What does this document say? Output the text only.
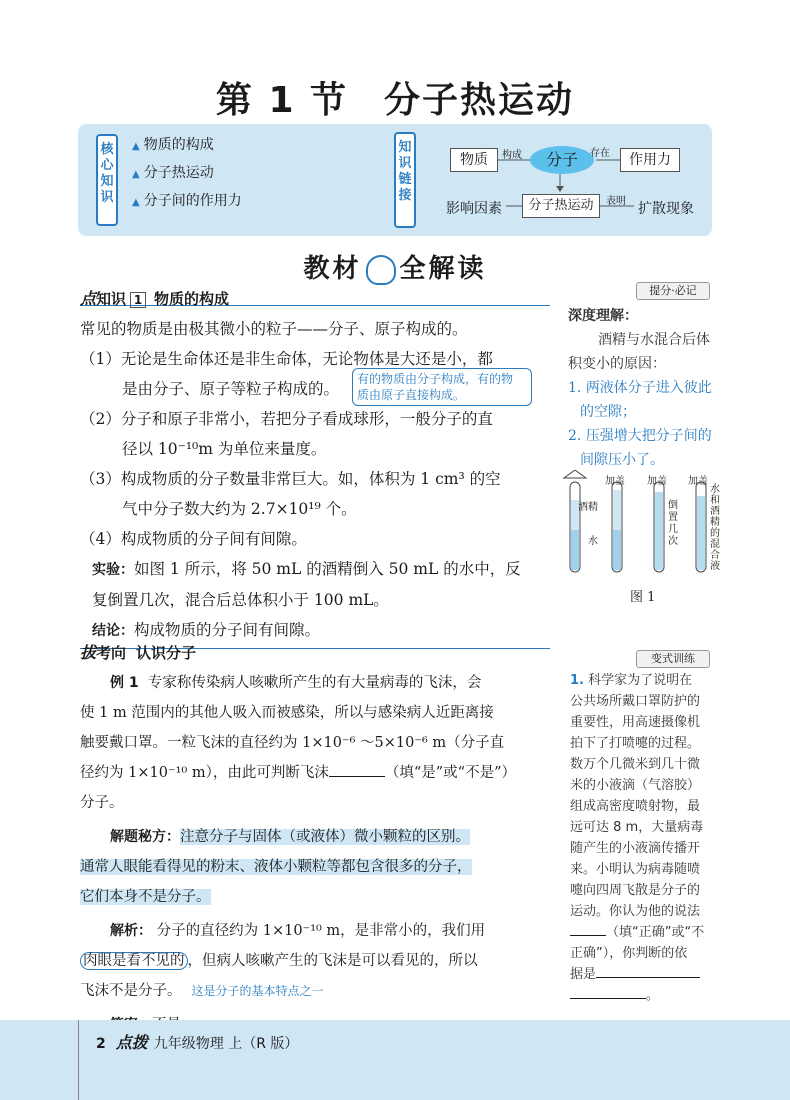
第 1 节 分子热运动
核心知识
▲ 物质的构成
▲ 分子热运动
▲ 分子间的作用力
知识链接
物质	构成	分子	存在	作用力
影响因素	分子热运动	表明 扩散现象
教材 全解读
点知识 1 物质的构成
常见的物质是由极其微小的粒子——分子、原子构成的。
（1）无论是生命体还是非生命体，无论物体是大还是小，都
是由分子、原子等粒子构成的。
（2）分子和原子非常小，若把分子看成球形，一般分子的直
径以 10⁻¹⁰m 为单位来量度。
（3）构成物质的分子数量非常巨大。如，体积为 1 cm³ 的空
气中分子数大约为 2.7×10¹⁹ 个。
（4）构成物质的分子间有间隙。
实验：如图 1 所示，将 50 mL 的酒精倒入 50 mL 的水中，反
复倒置几次，混合后总体积小于 100 mL。
结论：构成物质的分子间有间隙。
有的物质由分子构成，有的物
质由原子直接构成。
提分·必记
深度理解：
酒精与水混合后体
积变小的原因：
1. 两液体分子进入彼此
的空隙；
2. 压强增大把分子间的
间隙压小了。
酒精
水
加盖 加盖 加盖
倒置几次
水和酒精的混合液
图 1
拔考向 认识分子
例 1 专家称传染病人咳嗽所产生的有大量病毒的飞沫，会
使 1 m 范围内的其他人吸入而被感染，所以与感染病人近距离接
触要戴口罩。一粒飞沫的直径约为 1×10⁻⁶ ～5×10⁻⁶ m（分子直
径约为 1×10⁻¹⁰ m），由此可判断飞沫	（填“是”或“不是”）
分子。
解题秘方：注意分子与固体（或液体）微小颗粒的区别。
通常人眼能看得见的粉末、液体小颗粒等都包含很多的分子，
它们本身不是分子。
解析： 分子的直径约为 1×10⁻¹⁰ m，是非常小的，我们用
肉眼是看不见的 ，但病人咳嗽产生的飞沫是可以看见的，所以
飞沫不是分子。 这是分子的基本特点之一
变式训练
1. 科学家为了说明在
公共场所戴口罩防护的
重要性，用高速摄像机
拍下了打喷嚏的过程。
数万个几微米到几十微
米的小液滴（气溶胶）
组成高密度喷射物，最
远可达 8 m，大量病毒
随产生的小液滴传播开
来。小明认为病毒随喷
嚏向四周飞散是分子的
运动。你认为他的说法
（填“正确”或“不
正确”），你判断的依
据是
。
2 点拨 九年级物理 上（R 版）
